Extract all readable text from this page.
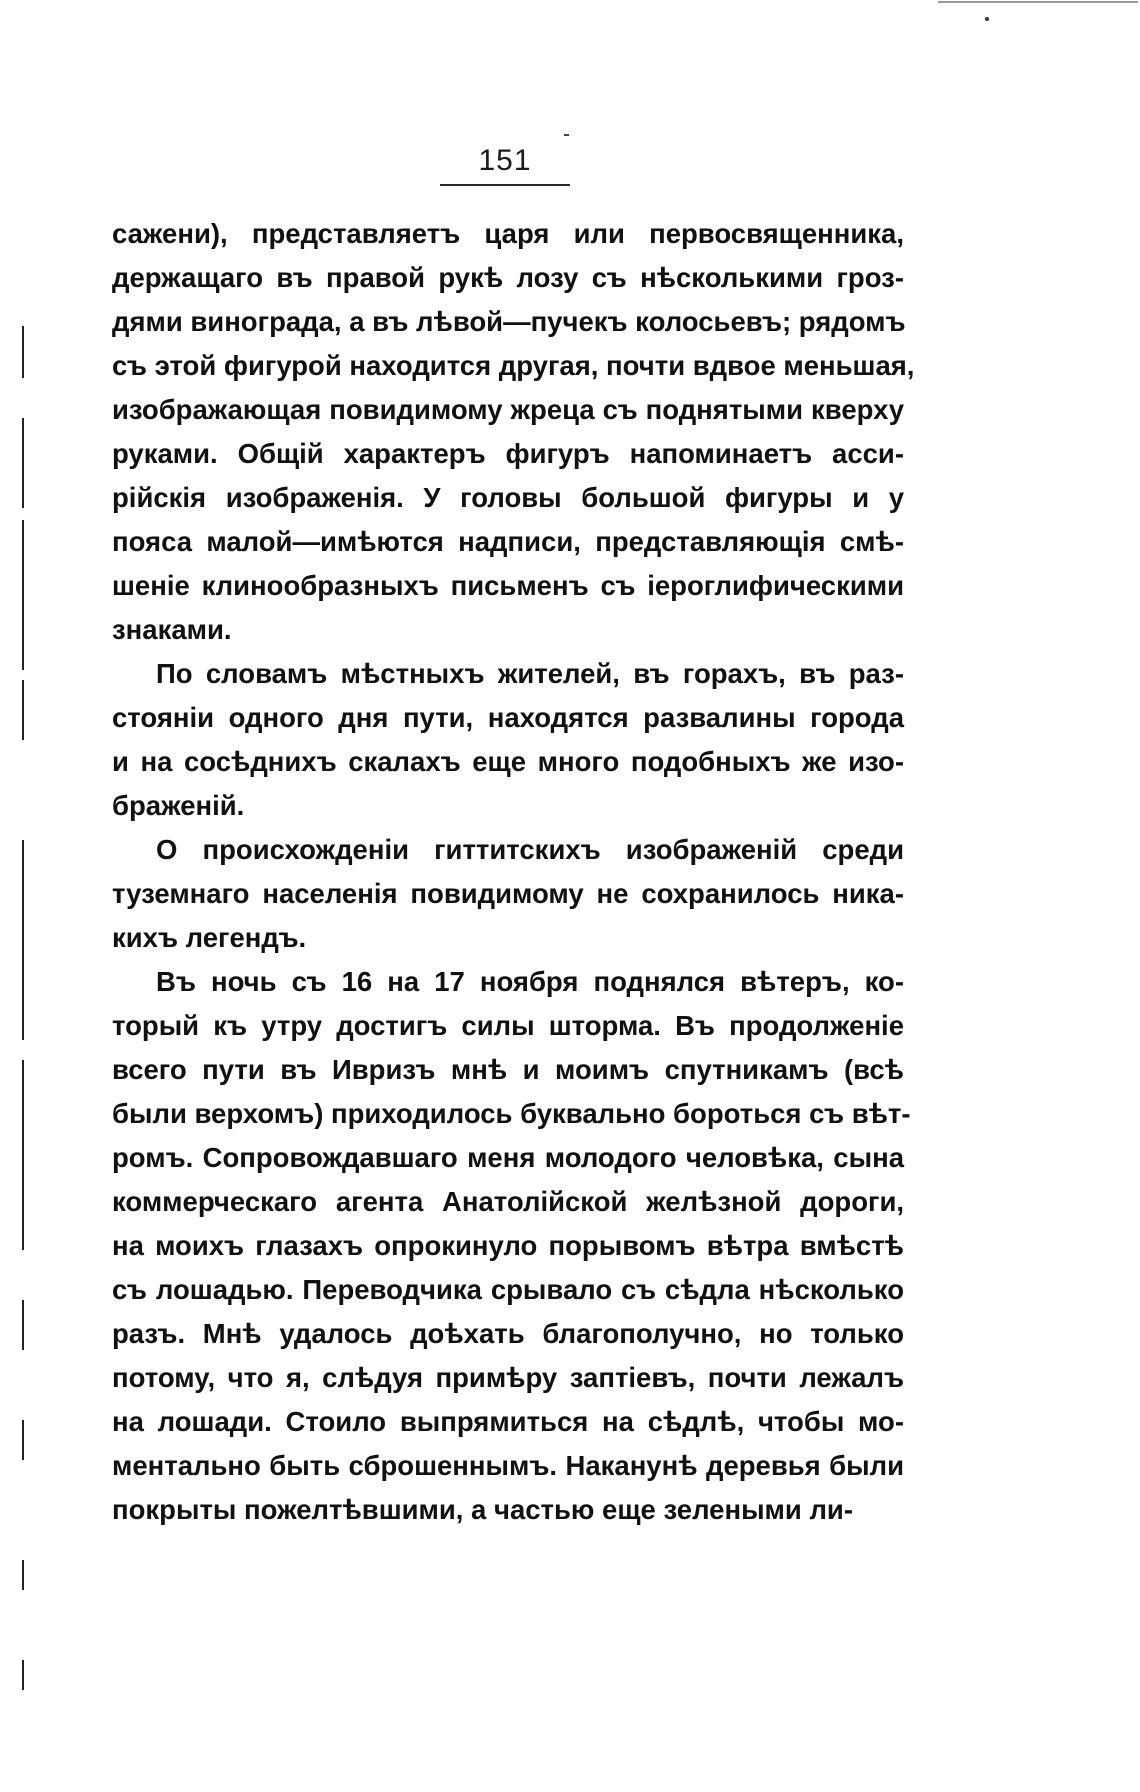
151
сажени), представляетъ царя или первосвященника,
держащаго въ правой рукѣ лозу съ нѣсколькими гроз-
дями винограда, а въ лѣвой—пучекъ колосьевъ; рядомъ
съ этой фигурой находится другая, почти вдвое меньшая,
изображающая повидимому жреца съ поднятыми кверху
руками. Общій характеръ фигуръ напоминаетъ асси-
рійскія изображенія. У головы большой фигуры и у
пояса малой—имѣются надписи, представляющія смѣ-
шеніе клинообразныхъ письменъ съ іероглифическими
знаками.
По словамъ мѣстныхъ жителей, въ горахъ, въ раз-
стояніи одного дня пути, находятся развалины города
и на сосѣднихъ скалахъ еще много подобныхъ же изо-
браженій.
О происхожденіи гиттитскихъ изображеній среди
туземнаго населенія повидимому не сохранилось ника-
кихъ легендъ.
Въ ночь съ 16 на 17 ноября поднялся вѣтеръ, ко-
торый къ утру достигъ силы шторма. Въ продолженіе
всего пути въ Ивризъ мнѣ и моимъ спутникамъ (всѣ
были верхомъ) приходилось буквально бороться съ вѣт-
ромъ. Сопровождавшаго меня молодого человѣка, сына
коммерческаго агента Анатолійской желѣзной дороги,
на моихъ глазахъ опрокинуло порывомъ вѣтра вмѣстѣ
съ лошадью. Переводчика срывало съ сѣдла нѣсколько
разъ. Мнѣ удалось доѣхать благополучно, но только
потому, что я, слѣдуя примѣру заптіевъ, почти лежалъ
на лошади. Стоило выпрямиться на сѣдлѣ, чтобы мо-
ментально быть сброшеннымъ. Наканунѣ деревья были
покрыты пожелтѣвшими, а частью еще зелеными ли-
